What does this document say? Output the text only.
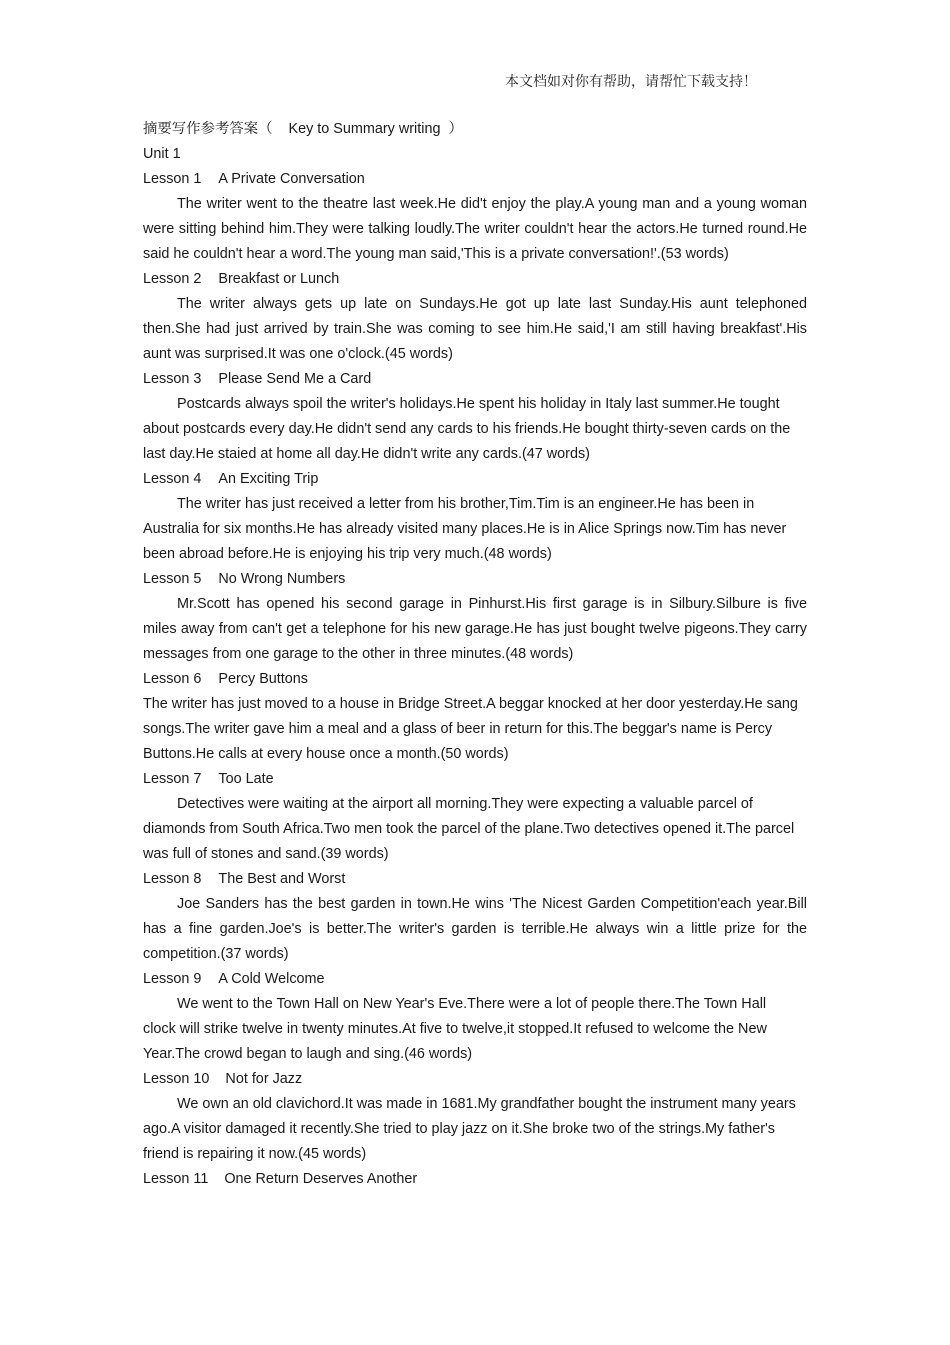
本文档如对你有帮助，请帮忙下载支持！

摘要写作参考答案（    Key to Summary writing  ）

Unit 1

Lesson 1 A Private Conversation

The writer went to the theatre last week.He did't enjoy the play.A young man and a young woman were sitting behind him.They were talking loudly.The writer couldn't hear the actors.He turned round.He said he couldn't hear a word.The young man said,'This is a private conversation!'.(53 words)

Lesson 2 Breakfast or Lunch

The writer always gets up late on Sundays.He got up late last Sunday.His aunt telephoned then.She had just arrived by train.She was coming to see him.He said,'I am still having breakfast'.His aunt was surprised.It was one o'clock.(45 words)

Lesson 3 Please Send Me a Card

Postcards always spoil the writer's holidays.He spent his holiday in Italy last summer.He tought about postcards every day.He didn't send any cards to his friends.He bought thirty-seven cards on the last day.He staied at home all day.He didn't write any cards.(47 words)

Lesson 4 An Exciting Trip

The writer has just received a letter from his brother,Tim.Tim is an engineer.He has been in Australia for six months.He has already visited many places.He is in Alice Springs now.Tim has never been abroad before.He is enjoying his trip very much.(48 words)

Lesson 5 No Wrong Numbers

Mr.Scott has opened his second garage in Pinhurst.His first garage is in Silbury.Silbure is five miles away from can't get a telephone for his new garage.He has just bought twelve pigeons.They carry messages from one garage to the other in three minutes.(48 words)

Lesson 6 Percy Buttons

The writer has just moved to a house in Bridge Street.A beggar knocked at her door yesterday.He sang songs.The writer gave him a meal and a glass of beer in return for this.The beggar's name is Percy Buttons.He calls at every house once a month.(50 words)

Lesson 7 Too Late

Detectives were waiting at the airport all morning.They were expecting a valuable parcel of diamonds from South Africa.Two men took the parcel of the plane.Two detectives opened it.The parcel was full of stones and sand.(39 words)

Lesson 8 The Best and Worst

Joe Sanders has the best garden in town.He wins 'The Nicest Garden Competition'each year.Bill has a fine garden.Joe's is better.The writer's garden is terrible.He always win a little prize for the competition.(37 words)

Lesson 9 A Cold Welcome

We went to the Town Hall on New Year's Eve.There were a lot of people there.The Town Hall clock will strike twelve in twenty minutes.At five to twelve,it stopped.It refused to welcome the New Year.The crowd began to laugh and sing.(46 words)

Lesson 10 Not for Jazz

We own an old clavichord.It was made in 1681.My grandfather bought the instrument many years ago.A visitor damaged it recently.She tried to play jazz on it.She broke two of the strings.My father's friend is repairing it now.(45 words)

Lesson 11 One Return Deserves Another
